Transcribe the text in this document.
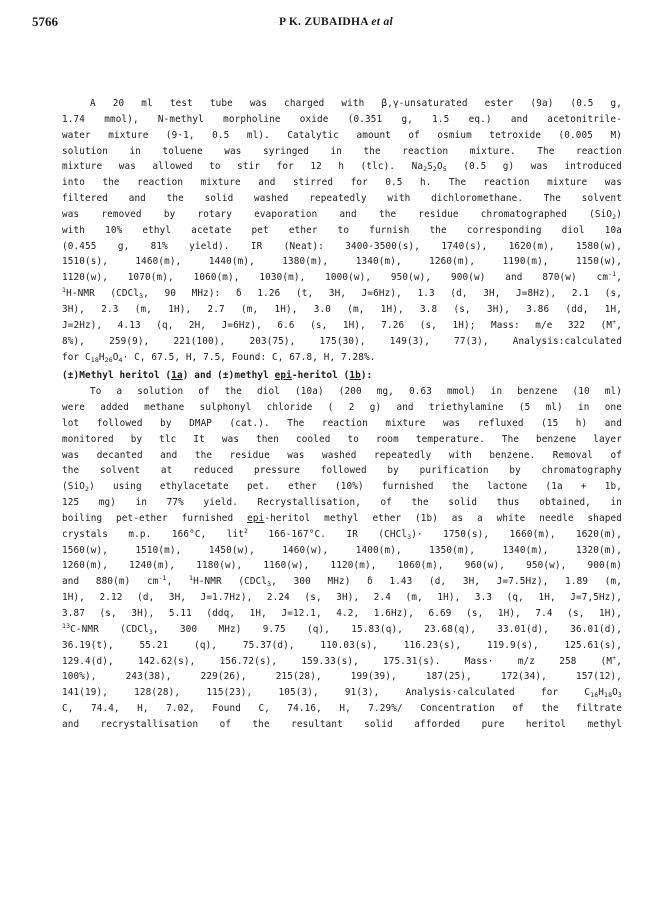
5766	P K. ZUBAIDHA et al
A 20 ml test tube was charged with β,γ-unsaturated ester (9a) (0.5 g,
1.74 mmol), N-methyl morpholine oxide (0.351 g, 1.5 eq.) and acetonitrile-
water mixture (9·1, 0.5 ml). Catalytic amount of osmium tetroxide (0.005 M)
solution in toluene was syringed in the reaction mixture. The reaction
mixture was allowed to stir for 12 h (tlc). $Na_2S_2O_5$ (0.5 g) was introduced
into the reaction mixture and stirred for 0.5 h. The reaction mixture was
filtered and the solid washed repeatedly with dichloromethane. The solvent
was removed by rotary evaporation and the residue chromatographed (SiO$_2$)
with 10% ethyl acetate pet ether to furnish the corresponding diol 10a
(0.455 g, 81% yield). IR (Neat): 3400-3500(s), 1740(s), 1620(m), 1580(w),
1510(s), 1460(m), 1440(m), 1380(m), 1340(m), 1260(m), 1190(m), 1150(w),
1120(w), 1070(m), 1060(m), 1030(m), 1000(w), 950(w), 900(w) and 870(w) $cm^{-1}$,
$^1$H-NMR (CDCl$_3$, 90 MHz): δ 1.26 (t, 3H, J=6Hz), 1.3 (d, 3H, J=8Hz), 2.1 (s,
3H), 2.3 (m, 1H), 2.7 (m, 1H), 3.0 (m, 1H), 3.8 (s, 3H), 3.86 (dd, 1H,
J=2Hz), 4.13 (q, 2H, J=6Hz), 6.6 (s, 1H), 7.26 (s, 1H); Mass: m/e 322 (M+,
8%), 259(9), 221(100), 203(75), 175(30), 149(3), 77(3), Analysis:calculated
for $C_{18}H_{26}O_4\cdot C$, 67.5, H, 7.5, Found: C, 67.8, H, 7.28%.
(±)Methyl heritol (1a) and (±)methyl epi-heritol (1b):
To a solution of the diol (10a) (200 mg, 0.63 mmol) in benzene (10 ml)
were added methane sulphonyl chloride ( 2 g) and triethylamine (5 ml) in one
lot followed by DMAP (cat.). The reaction mixture was refluxed (15 h) and
monitored by tlc It was then cooled to room temperature. The benzene layer
was decanted and the residue was washed repeatedly with benzene. Removal of
the solvent at reduced pressure followed by purification by chromatography
(SiO$_2$) using ethylacetate pet. ether (10%) furnished the lactone (1a + 1b,
125 mg) in 77% yield. Recrystallisation, of the solid thus obtained, in
boiling pet-ether furnished epi-heritol methyl ether (1b) as a white needle shaped
crystals m.p. 166°C, lit$^2$ 166-167°C. IR (CHCl$_3$)· 1750(s), 1660(m), 1620(m),
1560(w), 1510(m), 1450(w), 1460(w), 1400(m), 1350(m), 1340(m), 1320(m),
1260(m), 1240(m), 1180(w), 1160(w), 1120(m), 1060(m), 960(w), 950(w), 900(m)
and 880(m) $cm^{-1}$, $^1$H-NMR (CDCl$_3$, 300 MHz) δ 1.43 (d, 3H, J=7.5Hz), 1.89 (m,
1H), 2.12 (d, 3H, J=1.7Hz), 2.24 (s, 3H), 2.4 (m, 1H), 3.3 (q, 1H, J=7,5Hz),
3.87 (s, 3H), 5.11 (ddq, 1H, J=12.1, 4.2, 1.6Hz), 6.69 (s, 1H), 7.4 (s, 1H),
$^{13}$C-NMR (CDCl$_3$, 300 MHz) 9.75 (q), 15.83(q), 23.68(q), 33.01(d), 36.01(d),
36.19(t), 55.21 (q), 75.37(d), 110.03(s), 116.23(s), 119.9(s), 125.61(s),
129.4(d), 142.62(s), 156.72(s), 159.33(s), 175.31(s). Mass· m/z 258 (M+,
100%), 243(38), 229(26), 215(28), 199(39), 187(25), 172(34), 157(12),
141(19), 128(28), 115(23), 105(3), 91(3), Analysis·calculated for $C_{16}H_{18}O_3$
C, 74.4, H, 7.02, Found C, 74.16, H, 7.29%/ Concentration of the filtrate
and recrystallisation of the resultant solid afforded pure heritol methyl
